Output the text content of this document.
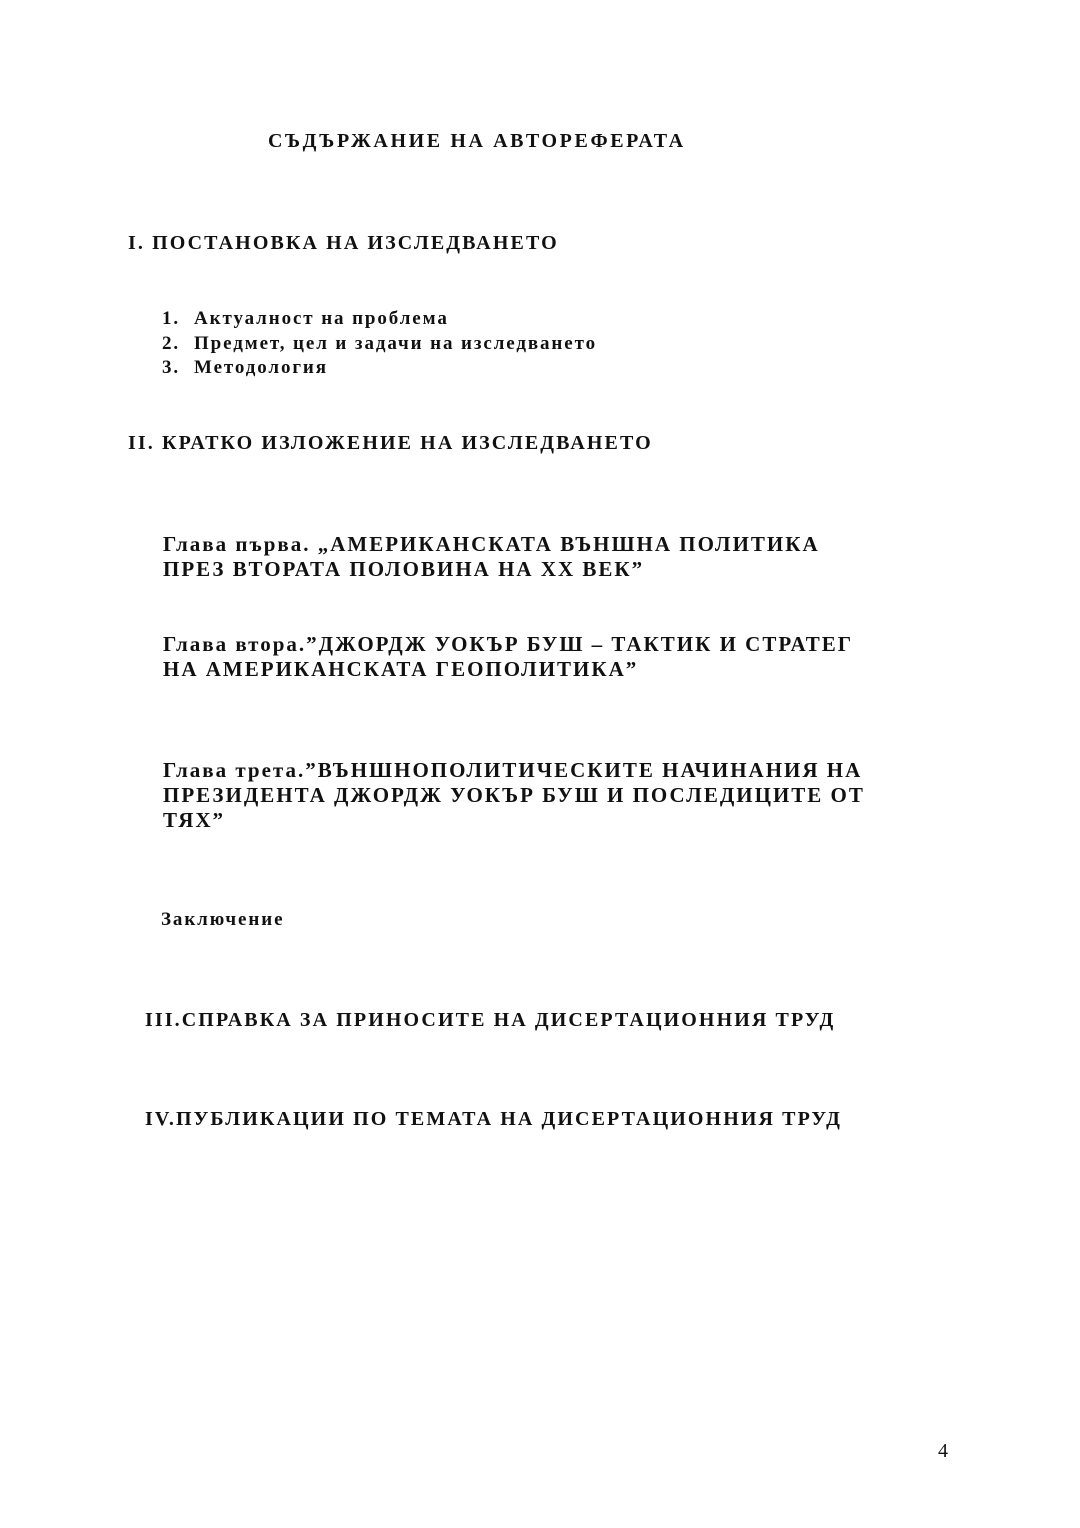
СЪДЪРЖАНИЕ НА АВТОРЕФЕРАТА
I. ПОСТАНОВКА НА ИЗСЛЕДВАНЕТО
1. Актуалност на проблема
2. Предмет, цел и задачи на изследването
3. Методология
II. КРАТКО ИЗЛОЖЕНИЕ НА ИЗСЛЕДВАНЕТО
Глава първа. „АМЕРИКАНСКАТА ВЪНШНА ПОЛИТИКА
ПРЕЗ ВТОРАТА ПОЛОВИНА НА XX ВЕК”
Глава втора.”ДЖОРДЖ УОКЪР БУШ – ТАКТИК И СТРАТЕГ
НА АМЕРИКАНСКАТА ГЕОПОЛИТИКА”
Глава трета.”ВЪНШНОПОЛИТИЧЕСКИТЕ НАЧИНАНИЯ НА
ПРЕЗИДЕНТА ДЖОРДЖ УОКЪР БУШ И ПОСЛЕДИЦИТЕ ОТ
ТЯХ”
Заключение
III.СПРАВКА ЗА ПРИНОСИТЕ НА ДИСЕРТАЦИОННИЯ ТРУД
IV.ПУБЛИКАЦИИ ПО ТЕМАТА НА ДИСЕРТАЦИОННИЯ ТРУД
4
